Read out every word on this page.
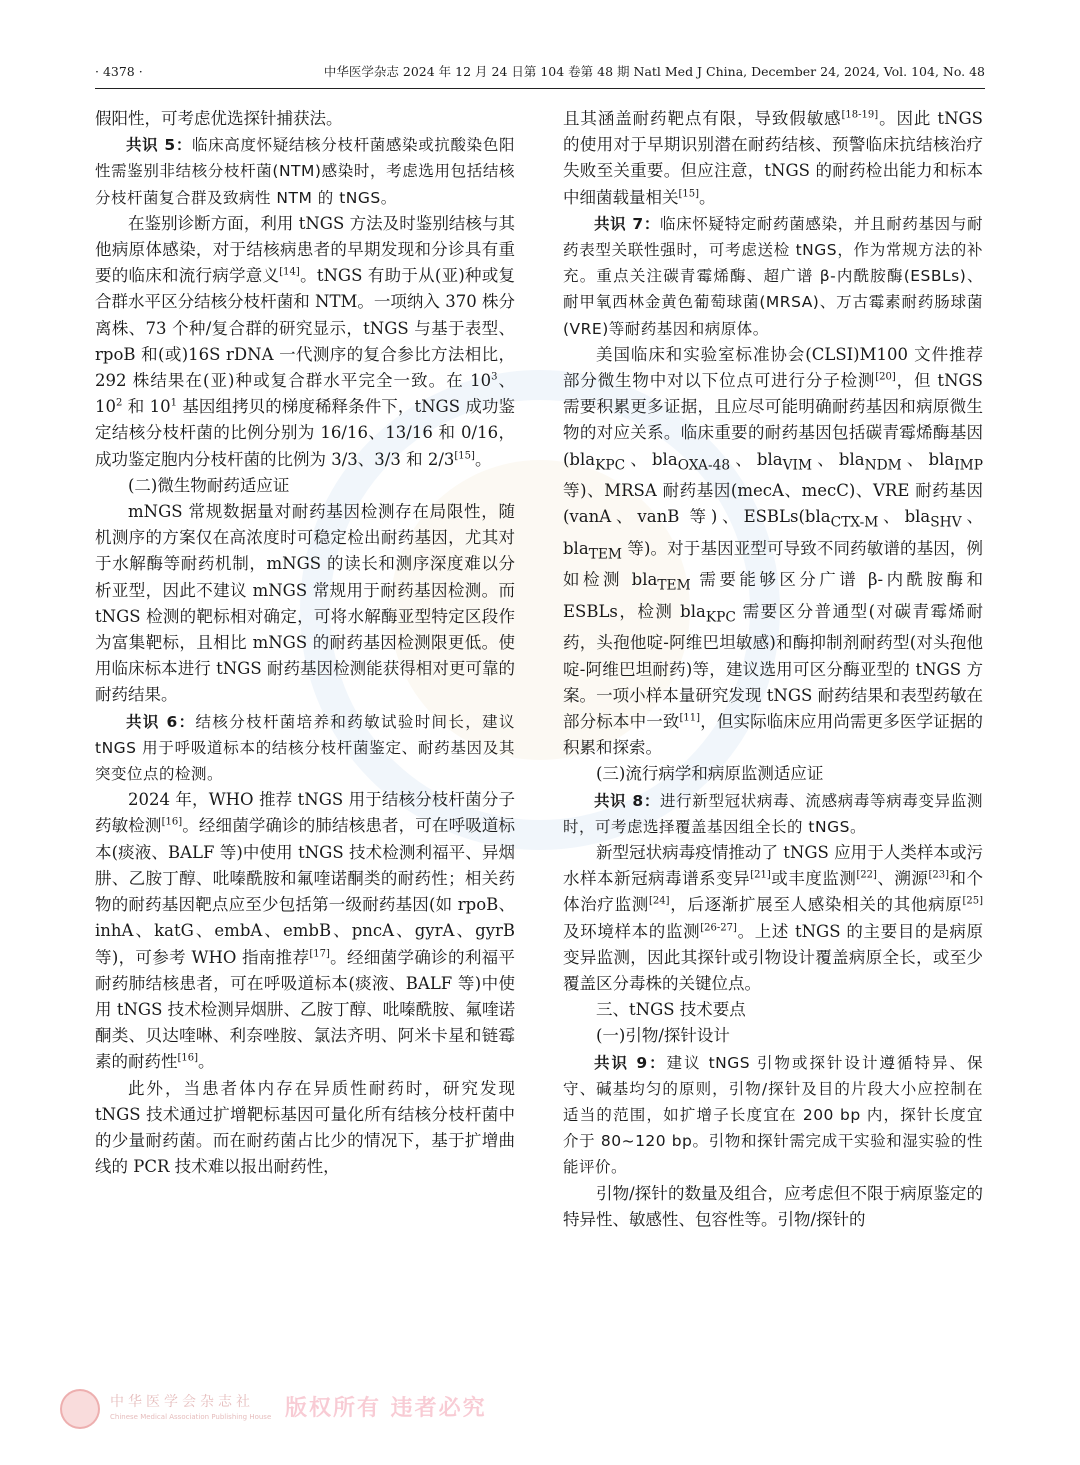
· 4378 ·	中华医学杂志 2024 年 12 月 24 日第 104 卷第 48 期 Natl Med J China, December 24, 2024, Vol. 104, No. 48

假阳性，可考虑优选探针捕获法。

共识 5：临床高度怀疑结核分枝杆菌感染或抗酸染色阳性需鉴别非结核分枝杆菌(NTM)感染时，考虑选用包括结核分枝杆菌复合群及致病性 NTM 的 tNGS。

在鉴别诊断方面，利用 tNGS 方法及时鉴别结核与其他病原体感染，对于结核病患者的早期发现和分诊具有重要的临床和流行病学意义[14]。tNGS 有助于从(亚)种或复合群水平区分结核分枝杆菌和 NTM。一项纳入 370 株分离株、73 个种/复合群的研究显示，tNGS 与基于表型、rpoB 和(或)16S rDNA 一代测序的复合参比方法相比，292 株结果在(亚)种或复合群水平完全一致。在 $10^3$、$10^2$ 和 $10^1$ 基因组拷贝的梯度稀释条件下，tNGS 成功鉴定结核分枝杆菌的比例分别为 16/16、13/16 和 0/16，成功鉴定胞内分枝杆菌的比例为 3/3、3/3 和 2/3[15]。

(二)微生物耐药适应证

mNGS 常规数据量对耐药基因检测存在局限性，随机测序的方案仅在高浓度时可稳定检出耐药基因，尤其对于水解酶等耐药机制，mNGS 的读长和测序深度难以分析亚型，因此不建议 mNGS 常规用于耐药基因检测。而 tNGS 检测的靶标相对确定，可将水解酶亚型特定区段作为富集靶标，且相比 mNGS 的耐药基因检测限更低。使用临床标本进行 tNGS 耐药基因检测能获得相对更可靠的耐药结果。

共识 6：结核分枝杆菌培养和药敏试验时间长，建议 tNGS 用于呼吸道标本的结核分枝杆菌鉴定、耐药基因及其突变位点的检测。

2024 年，WHO 推荐 tNGS 用于结核分枝杆菌分子药敏检测[16]。经细菌学确诊的肺结核患者，可在呼吸道标本(痰液、BALF 等)中使用 tNGS 技术检测利福平、异烟肼、乙胺丁醇、吡嗪酰胺和氟喹诺酮类的耐药性；相关药物的耐药基因靶点应至少包括第一级耐药基因(如 rpoB、inhA、katG、embA、embB、pncA、gyrA、gyrB 等)，可参考 WHO 指南推荐[17]。经细菌学确诊的利福平耐药肺结核患者，可在呼吸道标本(痰液、BALF 等)中使用 tNGS 技术检测异烟肼、乙胺丁醇、吡嗪酰胺、氟喹诺酮类、贝达喹啉、利奈唑胺、氯法齐明、阿米卡星和链霉素的耐药性[16]。

此外，当患者体内存在异质性耐药时，研究发现 tNGS 技术通过扩增靶标基因可量化所有结核分枝杆菌中的少量耐药菌。而在耐药菌占比少的情况下，基于扩增曲线的 PCR 技术难以报出耐药性，

且其涵盖耐药靶点有限，导致假敏感[18-19]。因此 tNGS 的使用对于早期识别潜在耐药结核、预警临床抗结核治疗失败至关重要。但应注意，tNGS 的耐药检出能力和标本中细菌载量相关[15]。

共识 7：临床怀疑特定耐药菌感染，并且耐药基因与耐药表型关联性强时，可考虑送检 tNGS，作为常规方法的补充。重点关注碳青霉烯酶、超广谱 β-内酰胺酶(ESBLs)、耐甲氧西林金黄色葡萄球菌(MRSA)、万古霉素耐药肠球菌(VRE)等耐药基因和病原体。

美国临床和实验室标准协会(CLSI)M100 文件推荐部分微生物中对以下位点可进行分子检测[20]，但 tNGS 需要积累更多证据，且应尽可能明确耐药基因和病原微生物的对应关系。临床重要的耐药基因包括碳青霉烯酶基因(bla$_{KPC}$、bla$_{OXA-48}$、bla$_{VIM}$、bla$_{NDM}$、bla$_{IMP}$ 等)、MRSA 耐药基因(mecA、mecC)、VRE 耐药基因(vanA、vanB 等)、ESBLs(bla$_{CTX-M}$、bla$_{SHV}$、bla$_{TEM}$ 等)。对于基因亚型可导致不同药敏谱的基因，例如检测 bla$_{TEM}$ 需要能够区分广谱 β-内酰胺酶和 ESBLs，检测 bla$_{KPC}$ 需要区分普通型(对碳青霉烯耐药，头孢他啶-阿维巴坦敏感)和酶抑制剂耐药型(对头孢他啶-阿维巴坦耐药)等，建议选用可区分酶亚型的 tNGS 方案。一项小样本量研究发现 tNGS 耐药结果和表型药敏在部分标本中一致[11]，但实际临床应用尚需更多医学证据的积累和探索。

(三)流行病学和病原监测适应证

共识 8：进行新型冠状病毒、流感病毒等病毒变异监测时，可考虑选择覆盖基因组全长的 tNGS。

新型冠状病毒疫情推动了 tNGS 应用于人类样本或污水样本新冠病毒谱系变异[21]或丰度监测[22]、溯源[23]和个体治疗监测[24]，后逐渐扩展至人感染相关的其他病原[25]及环境样本的监测[26-27]。上述 tNGS 的主要目的是病原变异监测，因此其探针或引物设计覆盖病原全长，或至少覆盖区分毒株的关键位点。

三、tNGS 技术要点
(一)引物/探针设计

共识 9：建议 tNGS 引物或探针设计遵循特异、保守、碱基均匀的原则，引物/探针及目的片段大小应控制在适当的范围，如扩增子长度宜在 200 bp 内，探针长度宜介于 80~120 bp。引物和探针需完成干实验和湿实验的性能评价。

引物/探针的数量及组合，应考虑但不限于病原鉴定的特异性、敏感性、包容性等。引物/探针的

中华医学会杂志社
Chinese Medical Association Publishing House 版权所有 违者必究
